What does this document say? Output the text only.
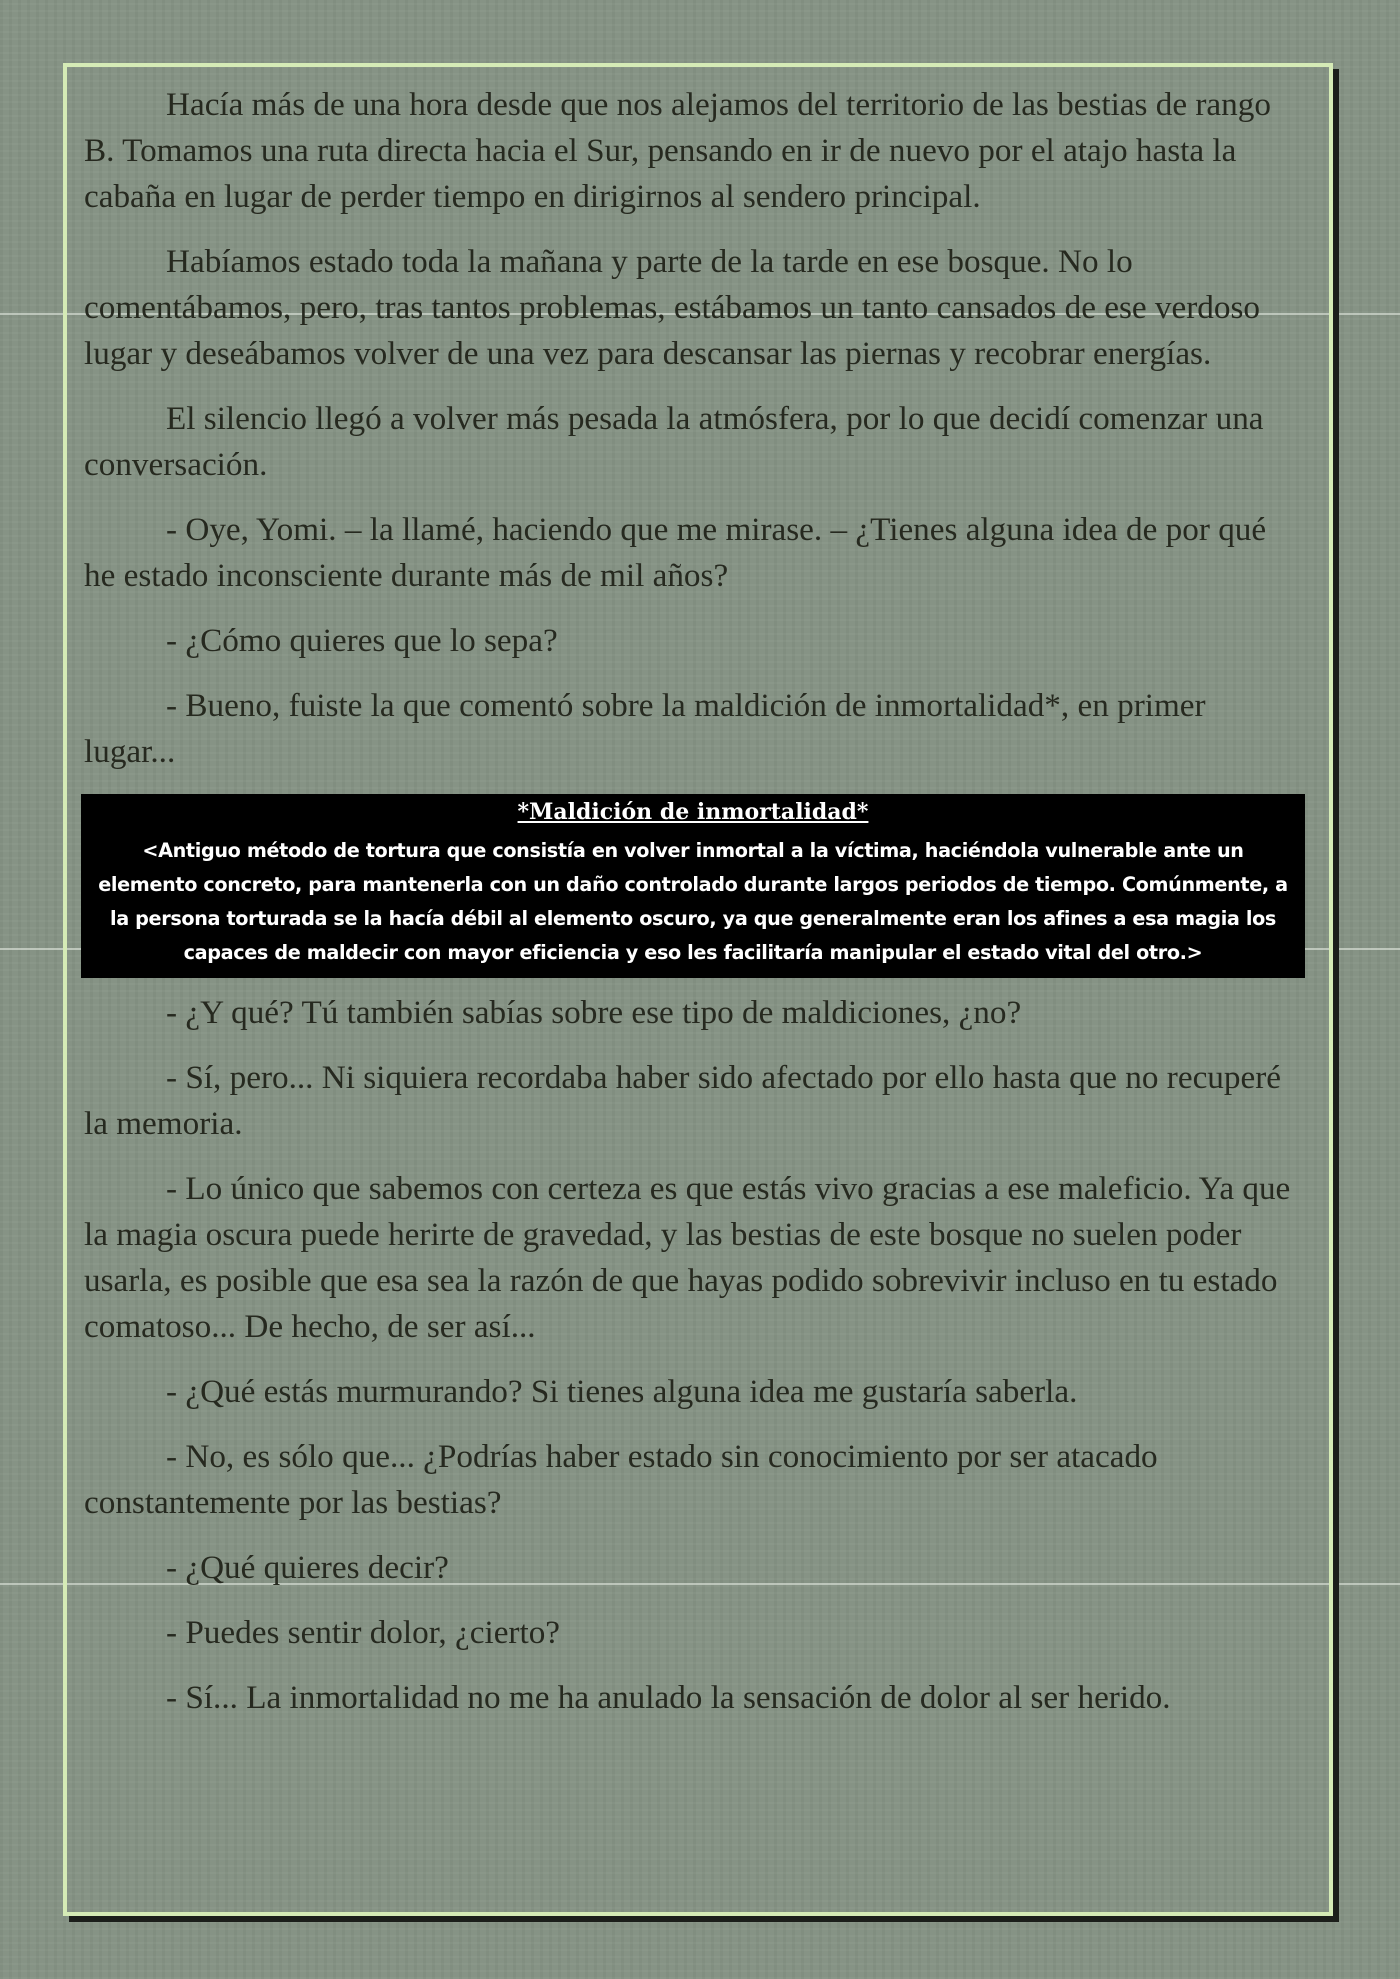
Hacía más de una hora desde que nos alejamos del territorio de las bestias de rango B. Tomamos una ruta directa hacia el Sur, pensando en ir de nuevo por el atajo hasta la cabaña en lugar de perder tiempo en dirigirnos al sendero principal.

Habíamos estado toda la mañana y parte de la tarde en ese bosque. No lo comentábamos, pero, tras tantos problemas, estábamos un tanto cansados de ese verdoso lugar y deseábamos volver de una vez para descansar las piernas y recobrar energías.

El silencio llegó a volver más pesada la atmósfera, por lo que decidí comenzar una conversación.

- Oye, Yomi. – la llamé, haciendo que me mirase. – ¿Tienes alguna idea de por qué he estado inconsciente durante más de mil años?

- ¿Cómo quieres que lo sepa?

- Bueno, fuiste la que comentó sobre la maldición de inmortalidad*, en primer lugar...

*Maldición de inmortalidad*
<Antiguo método de tortura que consistía en volver inmortal a la víctima, haciéndola vulnerable ante un elemento concreto, para mantenerla con un daño controlado durante largos periodos de tiempo. Comúnmente, a la persona torturada se la hacía débil al elemento oscuro, ya que generalmente eran los afines a esa magia los capaces de maldecir con mayor eficiencia y eso les facilitaría manipular el estado vital del otro.>

- ¿Y qué? Tú también sabías sobre ese tipo de maldiciones, ¿no?

- Sí, pero... Ni siquiera recordaba haber sido afectado por ello hasta que no recuperé la memoria.

- Lo único que sabemos con certeza es que estás vivo gracias a ese maleficio. Ya que la magia oscura puede herirte de gravedad, y las bestias de este bosque no suelen poder usarla, es posible que esa sea la razón de que hayas podido sobrevivir incluso en tu estado comatoso... De hecho, de ser así...

- ¿Qué estás murmurando? Si tienes alguna idea me gustaría saberla.

- No, es sólo que... ¿Podrías haber estado sin conocimiento por ser atacado constantemente por las bestias?

- ¿Qué quieres decir?

- Puedes sentir dolor, ¿cierto?

- Sí... La inmortalidad no me ha anulado la sensación de dolor al ser herido.
